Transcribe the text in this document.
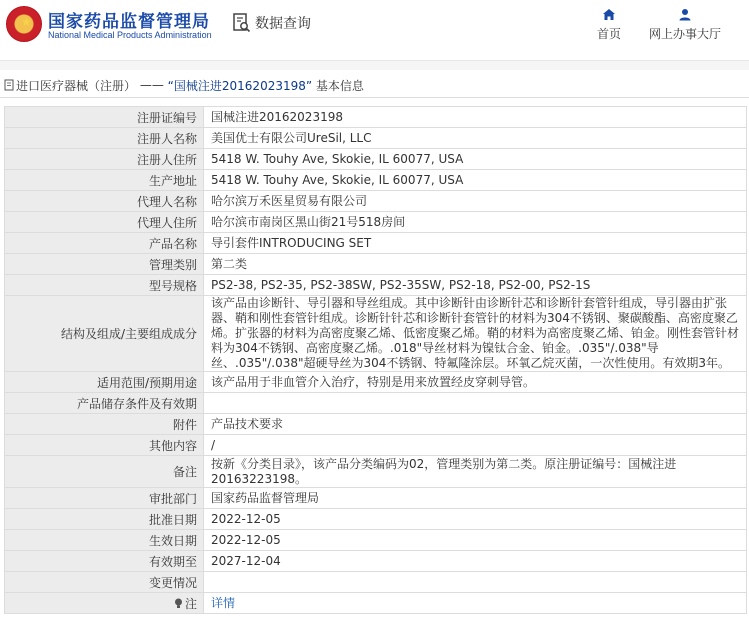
★ 国家药品监督管理局
National Medical Products Administration
数据查询
首页	网上办事大厅
进口医疗器械（注册） —— “国械注进20162023198” 基本信息
注册证编号	国械注进20162023198
注册人名称	美国优士有限公司UreSil, LLC
注册人住所	5418 W. Touhy Ave, Skokie, IL 60077, USA
生产地址	5418 W. Touhy Ave, Skokie, IL 60077, USA
代理人名称	哈尔滨万禾医星贸易有限公司
代理人住所	哈尔滨市南岗区黑山街21号518房间
产品名称	导引套件INTRODUCING SET
管理类别	第二类
型号规格	PS2-38, PS2-35, PS2-38SW, PS2-35SW, PS2-18, PS2-00, PS2-1S
结构及组成/主要组成成分	该产品由诊断针、导引器和导丝组成。其中诊断针由诊断针芯和诊断针套管针组成，导引器由扩张器、鞘和刚性套管针组成。诊断针针芯和诊断针套管针的材料为304不锈钢、聚碳酸酯、高密度聚乙烯。扩张器的材料为高密度聚乙烯、低密度聚乙烯。鞘的材料为高密度聚乙烯、铂金。刚性套管针材料为304不锈钢、高密度聚乙烯。.018"导丝材料为镍钛合金、铂金。.035"/.038"导丝、.035"/.038"超硬导丝为304不锈钢、特氟隆涂层。环氧乙烷灭菌，一次性使用。有效期3年。
适用范围/预期用途	该产品用于非血管介入治疗，特别是用来放置经皮穿刺导管。
产品储存条件及有效期	
附件	产品技术要求
其他内容	/
备注	按新《分类目录》，该产品分类编码为02，管理类别为第二类。原注册证编号：国械注进20163223198。
审批部门	国家药品监督管理局
批准日期	2022-12-05
生效日期	2022-12-05
有效期至	2027-12-04
变更情况	

注	详情
